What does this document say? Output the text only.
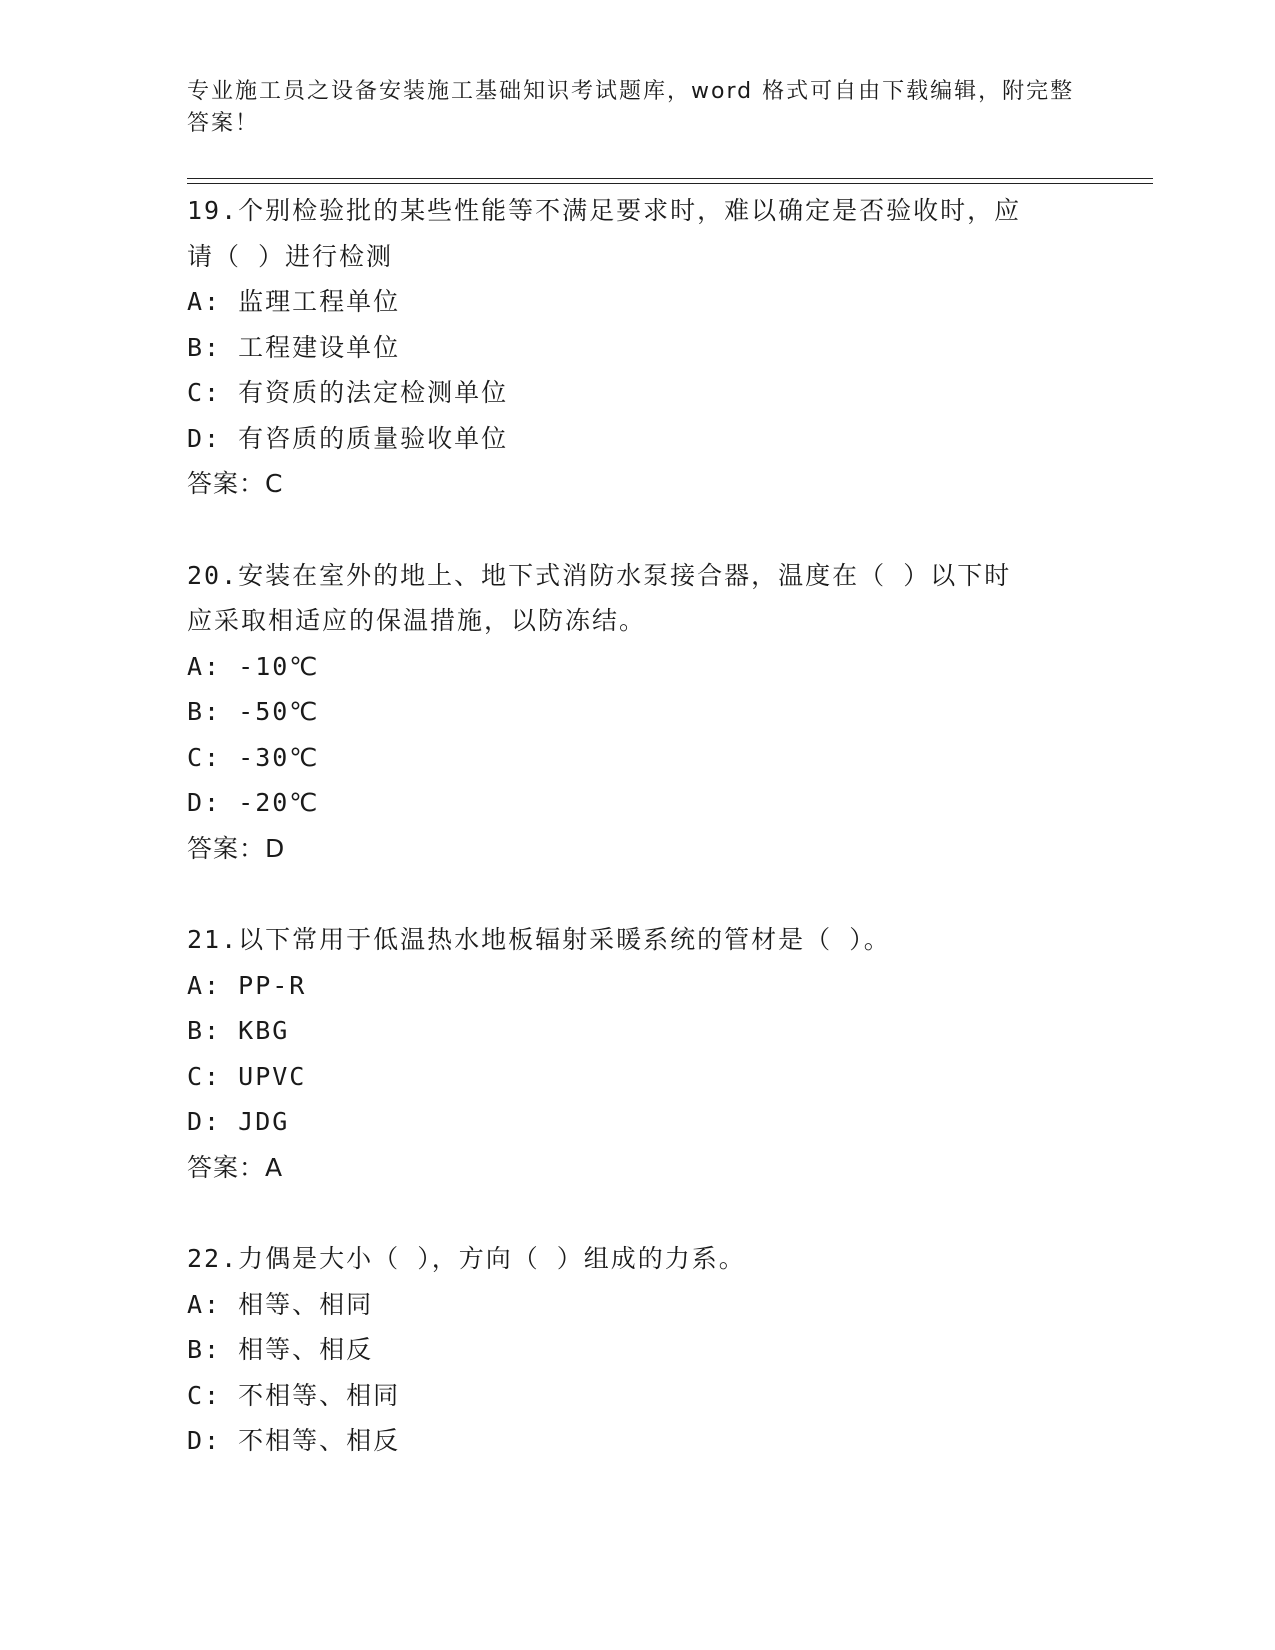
专业施工员之设备安装施工基础知识考试题库，word 格式可自由下载编辑，附完整答案！

19.个别检验批的某些性能等不满足要求时，难以确定是否验收时，应

请（ ）进行检测

A: 监理工程单位

B: 工程建设单位

C: 有资质的法定检测单位

D: 有咨质的质量验收单位

答案：C

20.安装在室外的地上、地下式消防水泵接合器，温度在（ ）以下时

应采取相适应的保温措施，以防冻结。

A: -10℃

B: -50℃

C: -30℃

D: -20℃

答案：D

21.以下常用于低温热水地板辐射采暖系统的管材是（ ）。

A: PP-R

B: KBG

C: UPVC

D: JDG

答案：A

22.力偶是大小（ ），方向（ ）组成的力系。

A: 相等、相同

B: 相等、相反

C: 不相等、相同

D: 不相等、相反
